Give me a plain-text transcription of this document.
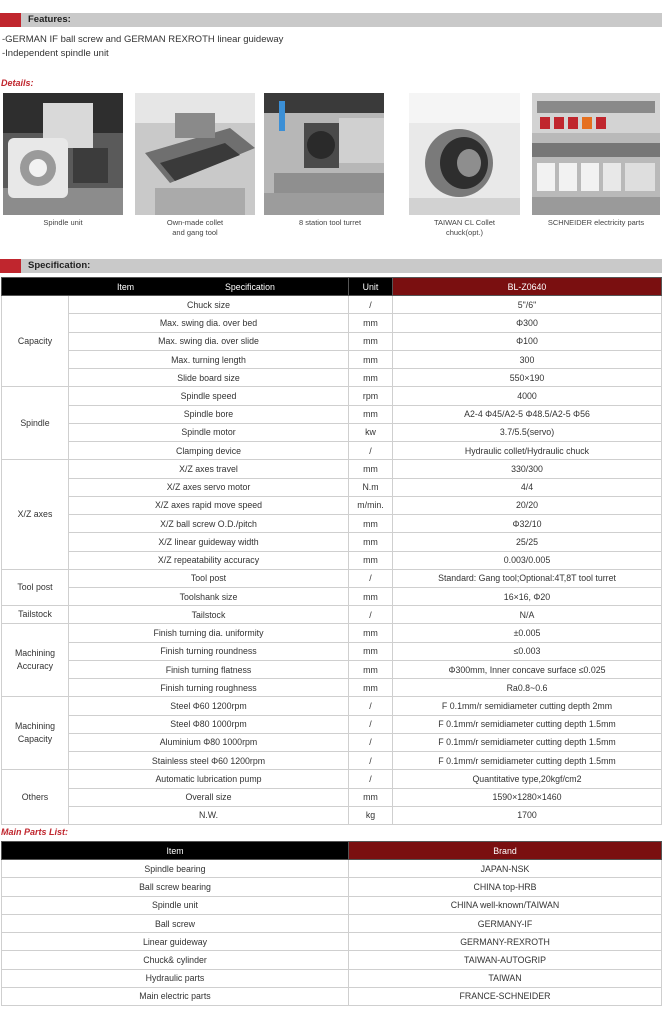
Features:
-GERMAN IF ball screw and GERMAN REXROTH linear guideway
-Independent spindle unit
Details:
Spindle unit	Own-made collet
and gang tool
8 station tool turret	TAIWAN CL Collet
chuck(opt.)
SCHNEIDER electricity parts
Specification:
Item Specification		Unit	BL-Z0640
Capacity	Chuck size	/	5"/6"
	Max. swing dia. over bed	mm	Φ300
	Max. swing dia. over slide	mm	Φ100
	Max. turning length	mm	300
	Slide board size	mm	550×190
Spindle	Spindle speed	rpm	4000
	Spindle bore	mm	A2-4 Φ45/A2-5 Φ48.5/A2-5 Φ56
	Spindle motor	kw	3.7/5.5(servo)
	Clamping device	/	Hydraulic collet/Hydraulic chuck
X/Z axes	X/Z axes travel	mm	330/300
	X/Z axes servo motor	N.m	4/4
	X/Z axes rapid move speed	m/min.	20/20
	X/Z ball screw O.D./pitch	mm	Φ32/10
	X/Z linear guideway width	mm	25/25
	X/Z repeatability accuracy	mm	0.003/0.005
Tool post	Tool post	/	Standard: Gang tool;Optional:4T,8T tool turret
	Toolshank size	mm	16×16, Φ20
Tailstock	Tailstock	/	N/A
Machining Accuracy	Finish turning dia. uniformity	mm	±0.005
	Finish turning roundness	mm	≤0.003
	Finish turning flatness	mm	Φ300mm, Inner concave surface ≤0.025
	Finish turning roughness	mm	Ra0.8~0.6
Machining Capacity	Steel Φ60 1200rpm	/	F 0.1mm/r semidiameter cutting depth 2mm
	Steel Φ80 1000rpm	/	F 0.1mm/r semidiameter cutting depth 1.5mm
	Aluminium Φ80 1000rpm	/	F 0.1mm/r semidiameter cutting depth 1.5mm
	Stainless steel Φ60 1200rpm	/	F 0.1mm/r semidiameter cutting depth 1.5mm
Others	Automatic lubrication pump	/	Quantitative type,20kgf/cm2
	Overall size	mm	1590×1280×1460
	N.W.	kg	1700
Main Parts List:
Item	Brand
Spindle bearing	JAPAN-NSK
Ball screw bearing	CHINA top-HRB
Spindle unit	CHINA well-known/TAIWAN
Ball screw	GERMANY-IF
Linear guideway	GERMANY-REXROTH
Chuck& cylinder	TAIWAN-AUTOGRIP
Hydraulic parts	TAIWAN
Main electric parts	FRANCE-SCHNEIDER
